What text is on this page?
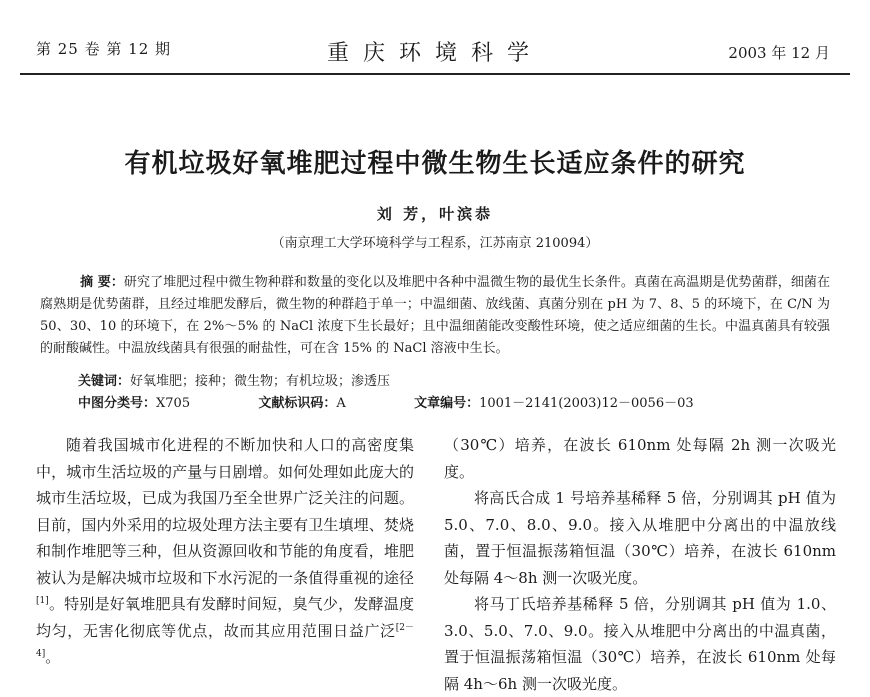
第 25 卷 第 12 期	重庆环境科学	2003 年 12 月
有机垃圾好氧堆肥过程中微生物生长适应条件的研究
刘 芳，叶滨恭
（南京理工大学环境科学与工程系，江苏南京 210094）
摘 要：研究了堆肥过程中微生物种群和数量的变化以及堆肥中各种中温微生物的最优生长条件。真菌在高温期是优势菌群，细菌在腐熟期是优势菌群，且经过堆肥发酵后，微生物的种群趋于单一；中温细菌、放线菌、真菌分别在 pH 为 7、8、5 的环境下，在 C/N 为 50、30、10 的环境下，在 2%～5% 的 NaCl 浓度下生长最好；且中温细菌能改变酸性环境，使之适应细菌的生长。中温真菌具有较强的耐酸碱性。中温放线菌具有很强的耐盐性，可在含 15% 的 NaCl 溶液中生长。
关键词：好氧堆肥；接种；微生物；有机垃圾；渗透压
中图分类号：X705	文献标识码：A	文章编号：1001－2141(2003)12－0056－03

随着我国城市化进程的不断加快和人口的高密度集中，城市生活垃圾的产量与日剧增。如何处理如此庞大的城市生活垃圾，已成为我国乃至全世界广泛关注的问题。目前，国内外采用的垃圾处理方法主要有卫生填埋、焚烧和制作堆肥等三种，但从资源回收和节能的角度看，堆肥被认为是解决城市垃圾和下水污泥的一条值得重视的途径[1]。特别是好氧堆肥具有发酵时间短，臭气少，发酵温度均匀，无害化彻底等优点，故而其应用范围日益广泛[2－4]。

（30℃）培养，在波长 610nm 处每隔 2h 测一次吸光度。

将高氏合成 1 号培养基稀释 5 倍，分别调其 pH 值为 5.0、7.0、8.0、9.0。接入从堆肥中分离出的中温放线菌，置于恒温振荡箱恒温（30℃）培养，在波长 610nm 处每隔 4～8h 测一次吸光度。

将马丁氏培养基稀释 5 倍，分别调其 pH 值为 1.0、3.0、5.0、7.0、9.0。接入从堆肥中分离出的中温真菌，置于恒温振荡箱恒温（30℃）培养，在波长 610nm 处每隔 4h～6h 测一次吸光度。
